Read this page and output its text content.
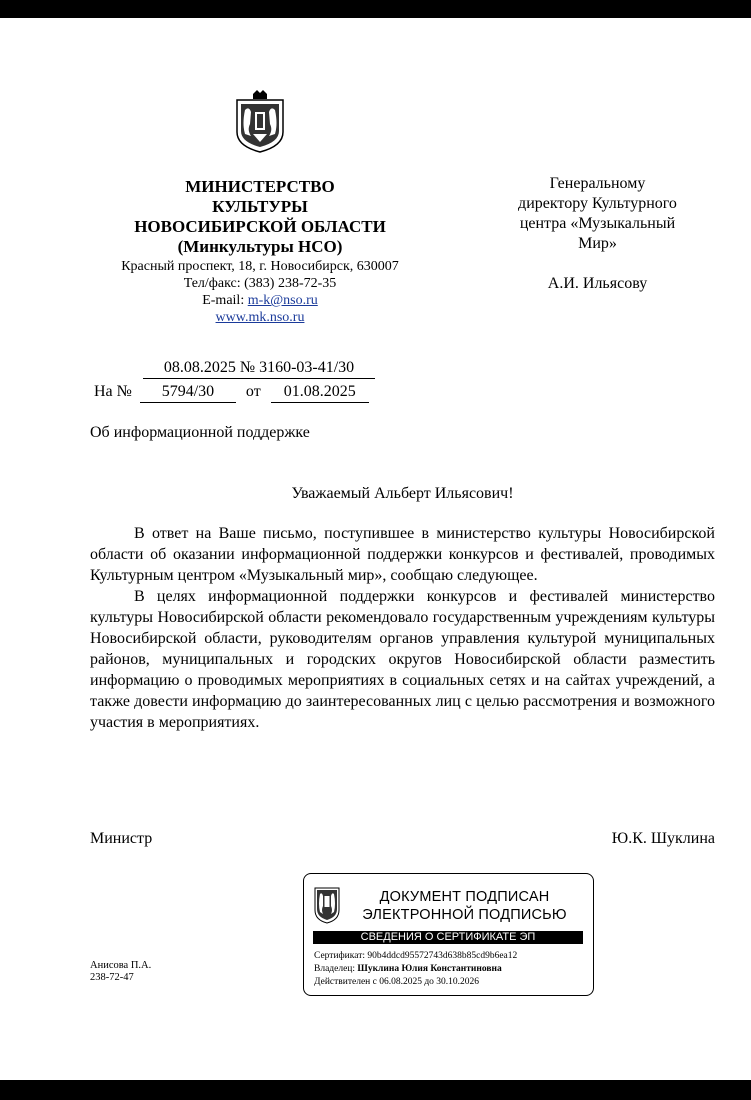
МИНИСТЕРСТВО
КУЛЬТУРЫ
НОВОСИБИРСКОЙ ОБЛАСТИ
(Минкультуры НСО)
Красный проспект, 18, г. Новосибирск, 630007
Тел/факс: (383) 238-72-35
E-mail: m-k@nso.ru
www.mk.nso.ru
Генеральному
директору Культурного
центра «Музыкальный
Мир»
А.И. Ильясову
08.08.2025 № 3160-03-41/30
На № 5794/30 от 01.08.2025
Об информационной поддержке
Уважаемый Альберт Ильясович!

В ответ на Ваше письмо, поступившее в министерство культуры Новосибирской области об оказании информационной поддержки конкурсов и фестивалей, проводимых Культурным центром «Музыкальный мир», сообщаю следующее.

В целях информационной поддержки конкурсов и фестивалей министерство культуры Новосибирской области рекомендовало государственным учреждениям культуры Новосибирской области, руководителям органов управления культурой муниципальных районов, муниципальных и городских округов Новосибирской области разместить информацию о проводимых мероприятиях в социальных сетях и на сайтах учреждений, а также довести информацию до заинтересованных лиц с целью рассмотрения и возможного участия в мероприятиях.

Министр	Ю.К. Шуклина
ДОКУМЕНТ ПОДПИСАН
ЭЛЕКТРОННОЙ ПОДПИСЬЮ
СВЕДЕНИЯ О СЕРТИФИКАТЕ ЭП
Сертификат: 90b4ddcd95572743d638b85cd9b6ea12
Владелец: Шуклина Юлия Константиновна
Действителен с 06.08.2025 до 30.10.2026
Анисова П.А.
238-72-47
